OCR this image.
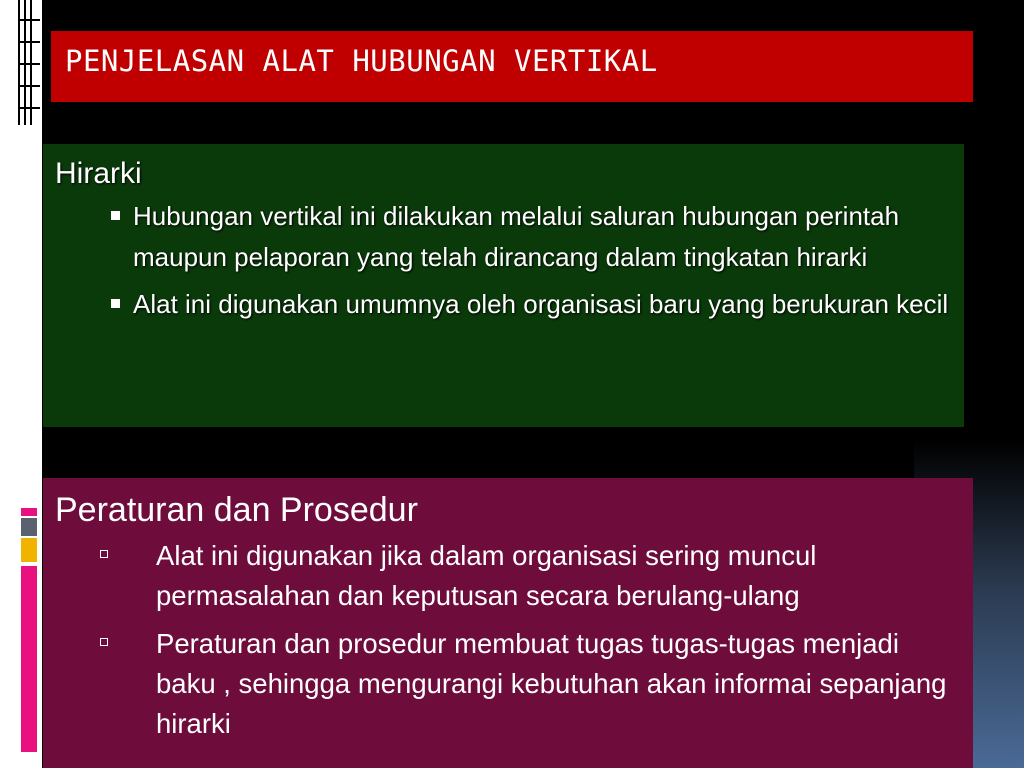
PENJELASAN ALAT HUBUNGAN VERTIKAL
Hirarki
Hubungan vertikal ini dilakukan melalui saluran hubungan perintah maupun pelaporan yang telah dirancang dalam tingkatan hirarki
Alat ini digunakan umumnya oleh organisasi baru yang berukuran kecil
Peraturan dan Prosedur
Alat ini digunakan jika dalam organisasi sering muncul permasalahan dan keputusan secara berulang-ulang
Peraturan dan prosedur membuat tugas tugas-tugas menjadi baku , sehingga mengurangi kebutuhan akan informai sepanjang hirarki
